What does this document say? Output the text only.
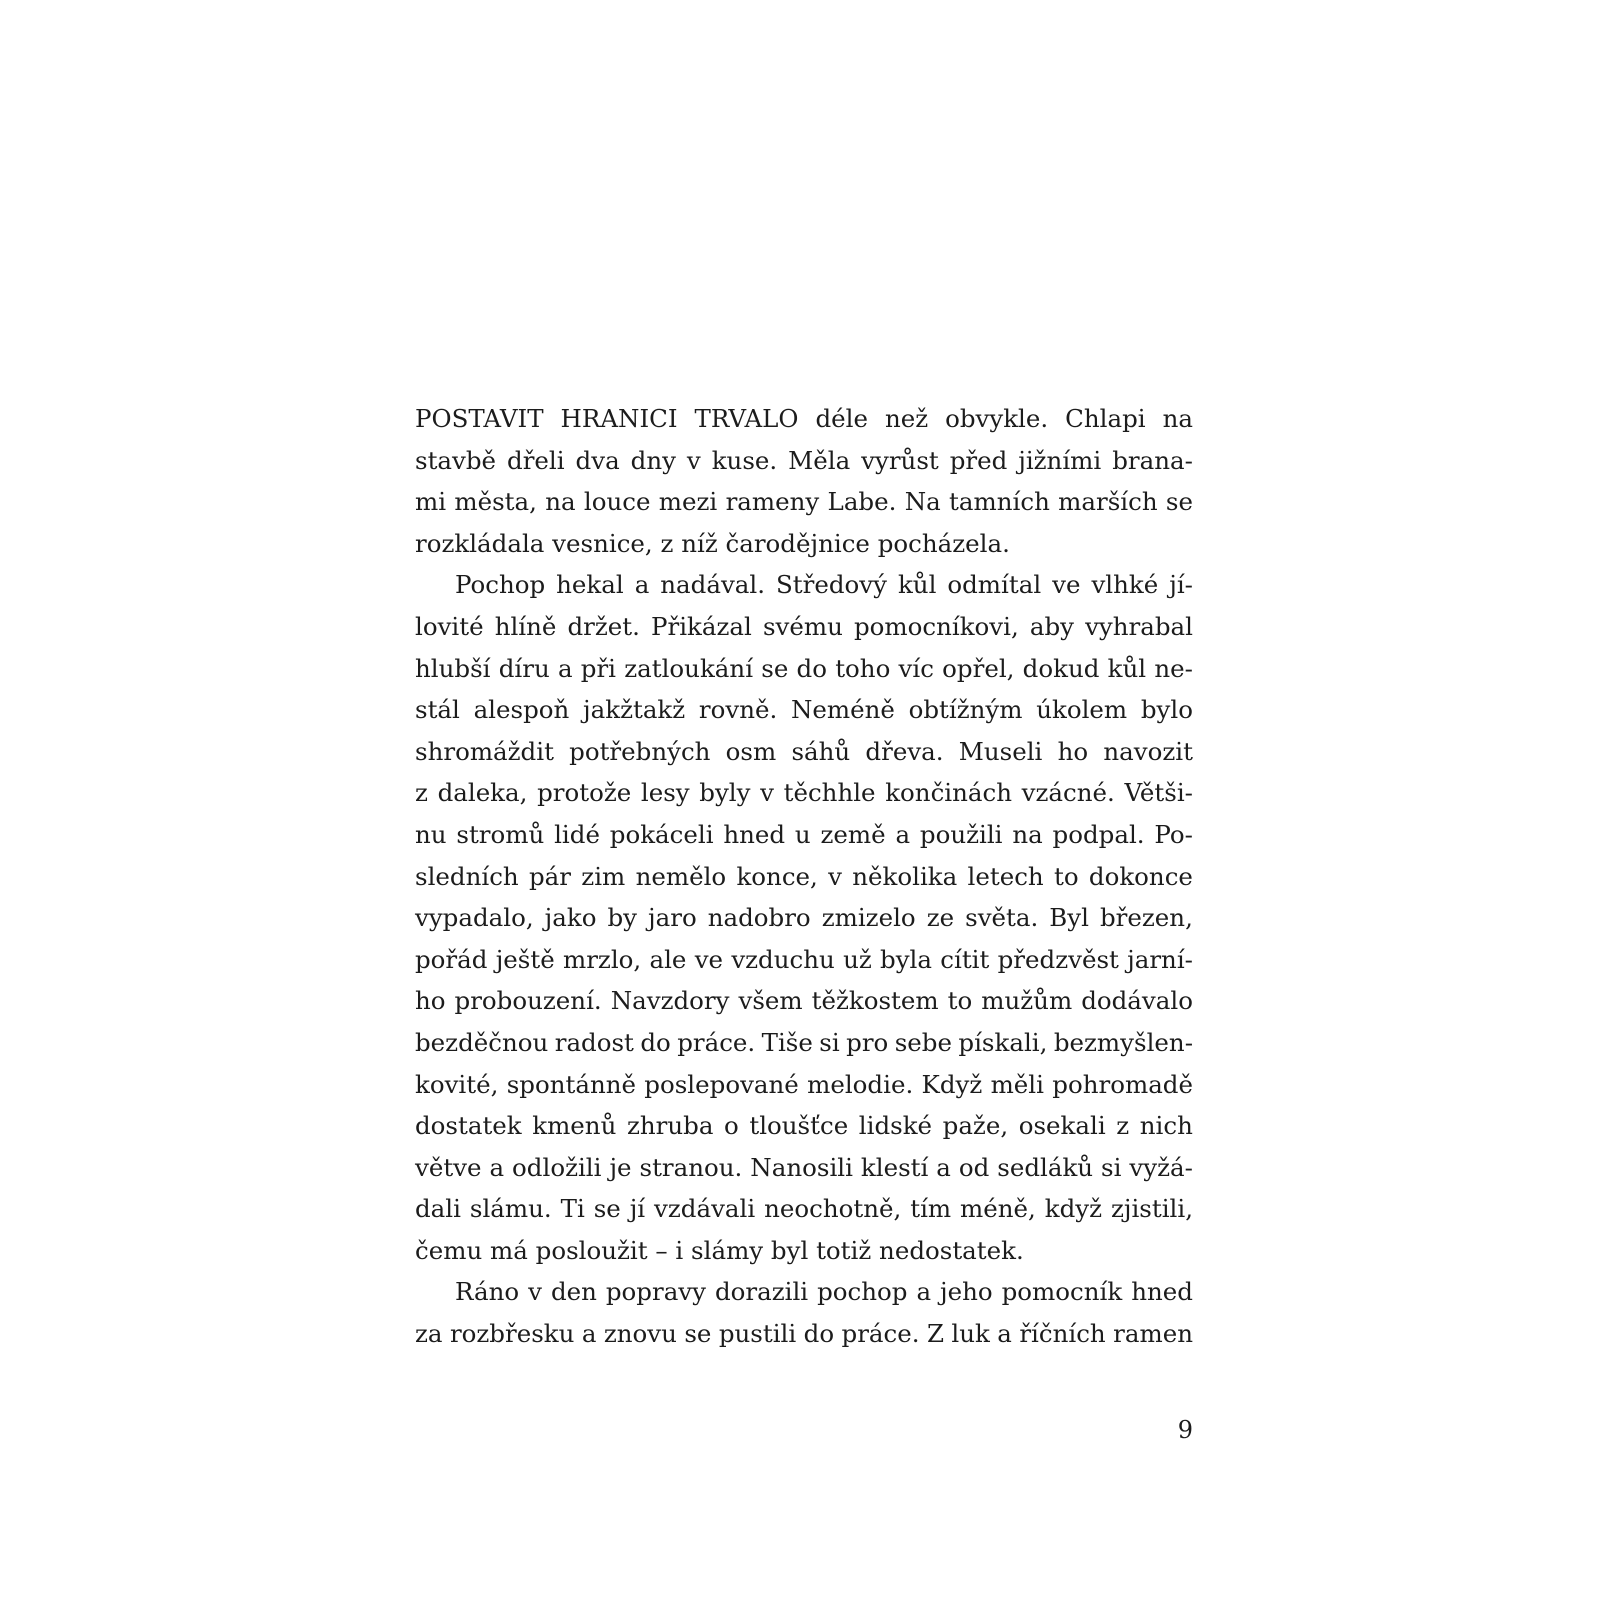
POSTAVIT HRANICI TRVALO déle než obvykle. Chlapi na
stavbě dřeli dva dny v kuse. Měla vyrůst před jižními brana-
mi města, na louce mezi rameny Labe. Na tamních marších se
rozkládala vesnice, z níž čarodějnice pocházela.
Pochop hekal a nadával. Středový kůl odmítal ve vlhké jí-
lovité hlíně držet. Přikázal svému pomocníkovi, aby vyhrabal
hlubší díru a při zatloukání se do toho víc opřel, dokud kůl ne-
stál alespoň jakžtakž rovně. Neméně obtížným úkolem bylo
shromáždit potřebných osm sáhů dřeva. Museli ho navozit
z daleka, protože lesy byly v těchhle končinách vzácné. Větši-
nu stromů lidé pokáceli hned u země a použili na podpal. Po-
sledních pár zim nemělo konce, v několika letech to dokonce
vypadalo, jako by jaro nadobro zmizelo ze světa. Byl březen,
pořád ještě mrzlo, ale ve vzduchu už byla cítit předzvěst jarní-
ho probouzení. Navzdory všem těžkostem to mužům dodávalo
bezděčnou radost do práce. Tiše si pro sebe pískali, bezmyšlen-
kovité, spontánně poslepované melodie. Když měli pohromadě
dostatek kmenů zhruba o tloušťce lidské paže, osekali z nich
větve a odložili je stranou. Nanosili klestí a od sedláků si vyžá-
dali slámu. Ti se jí vzdávali neochotně, tím méně, když zjistili,
čemu má posloužit – i slámy byl totiž nedostatek.
Ráno v den popravy dorazili pochop a jeho pomocník hned
za rozbřesku a znovu se pustili do práce. Z luk a říčních ramen
9
